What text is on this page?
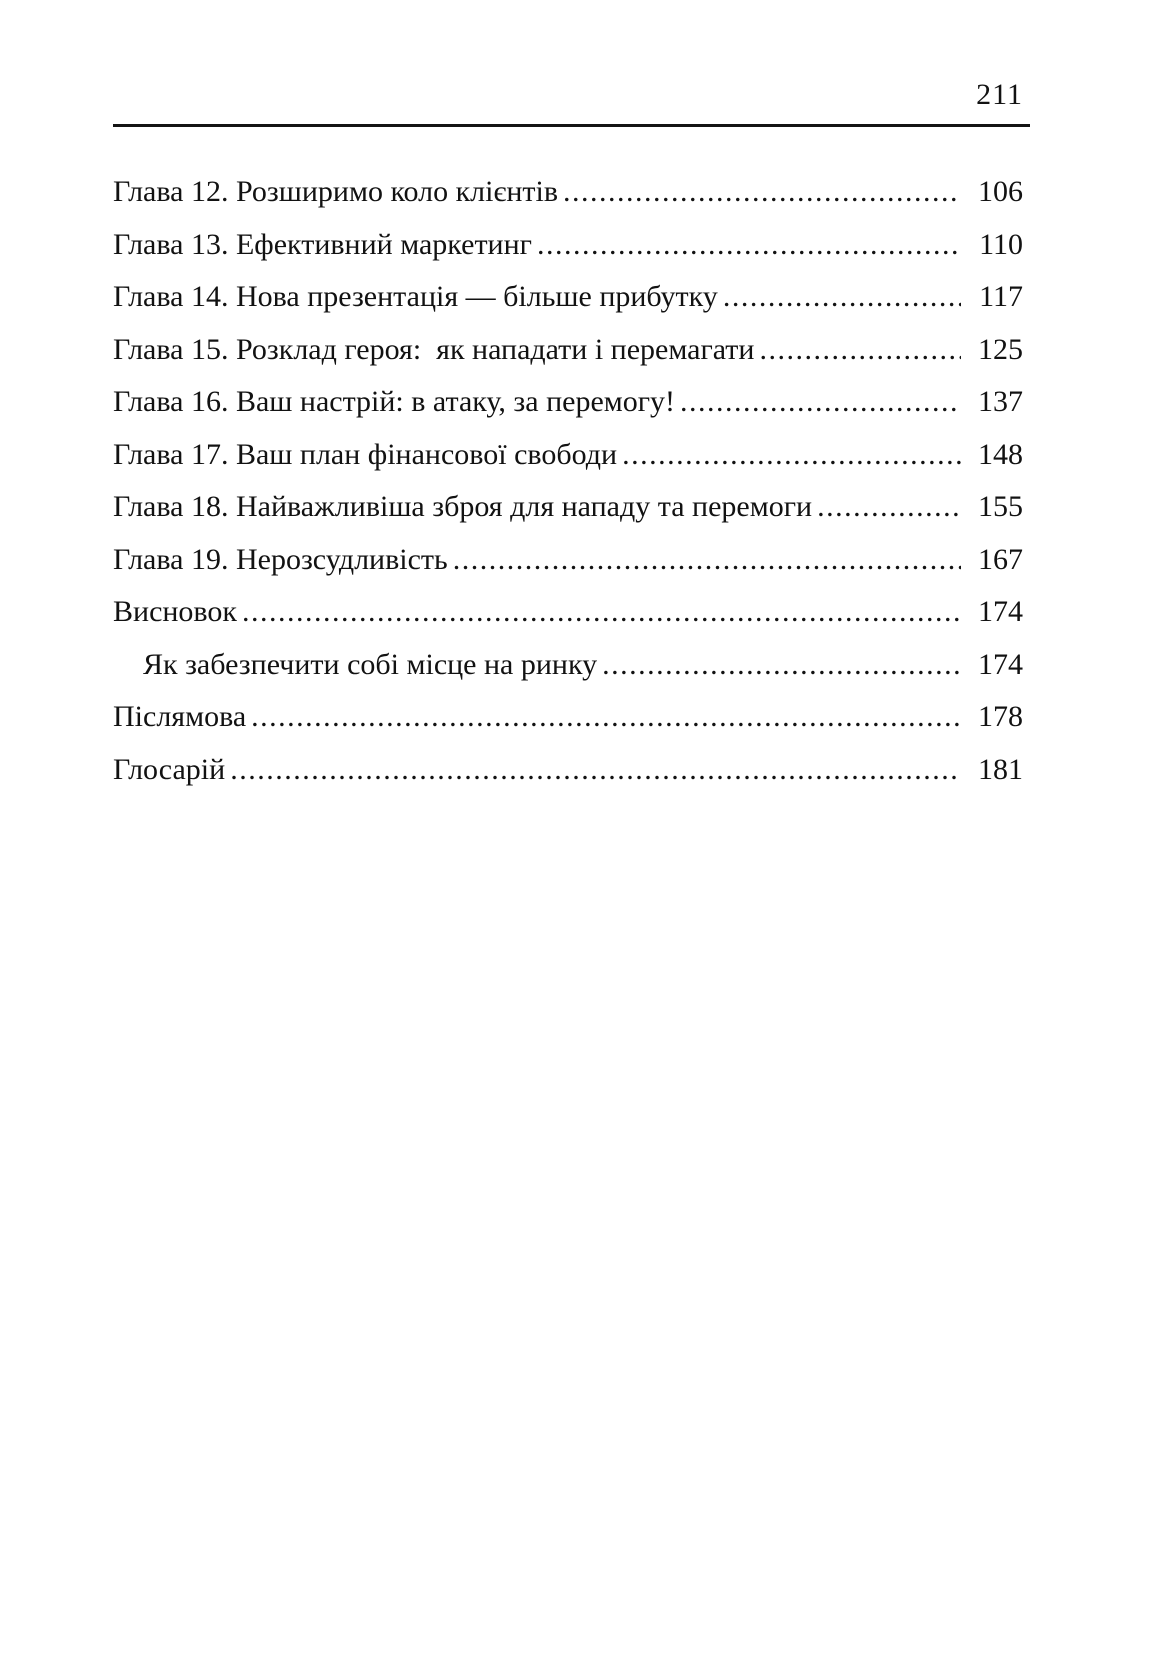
211
Глава 12. Розширимо коло клієнтів .....	106
Глава 13. Ефективний маркетинг .....	110
Глава 14. Нова презентація — більше прибутку .....	117
Глава 15. Розклад героя:  як нападати і перемагати .....	125
Глава 16. Ваш настрій: в атаку, за перемогу! .....	137
Глава 17. Ваш план фінансової свободи .....	148
Глава 18. Найважливіша зброя для нападу та перемоги .....	155
Глава 19. Нерозсудливість .....	167
Висновок .....	174
Як забезпечити собі місце на ринку .....	174
Післямова .....	178
Глосарій .....	181
